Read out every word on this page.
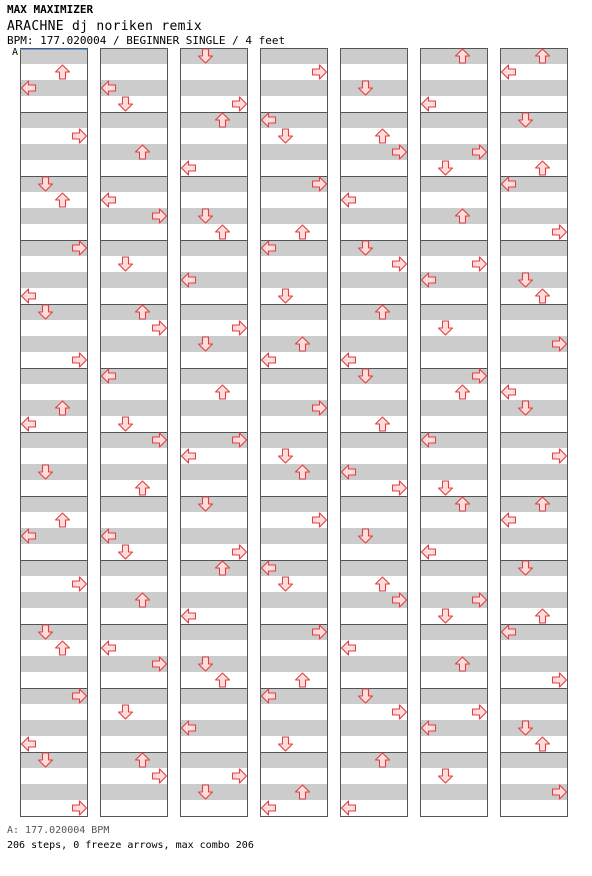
MAX MAXIMIZER
ARACHNE dj noriken remix
BPM: 177.020004 / BEGINNER SINGLE / 4 feet
A
A: 177.020004 BPM
206 steps, 0 freeze arrows, max combo 206
